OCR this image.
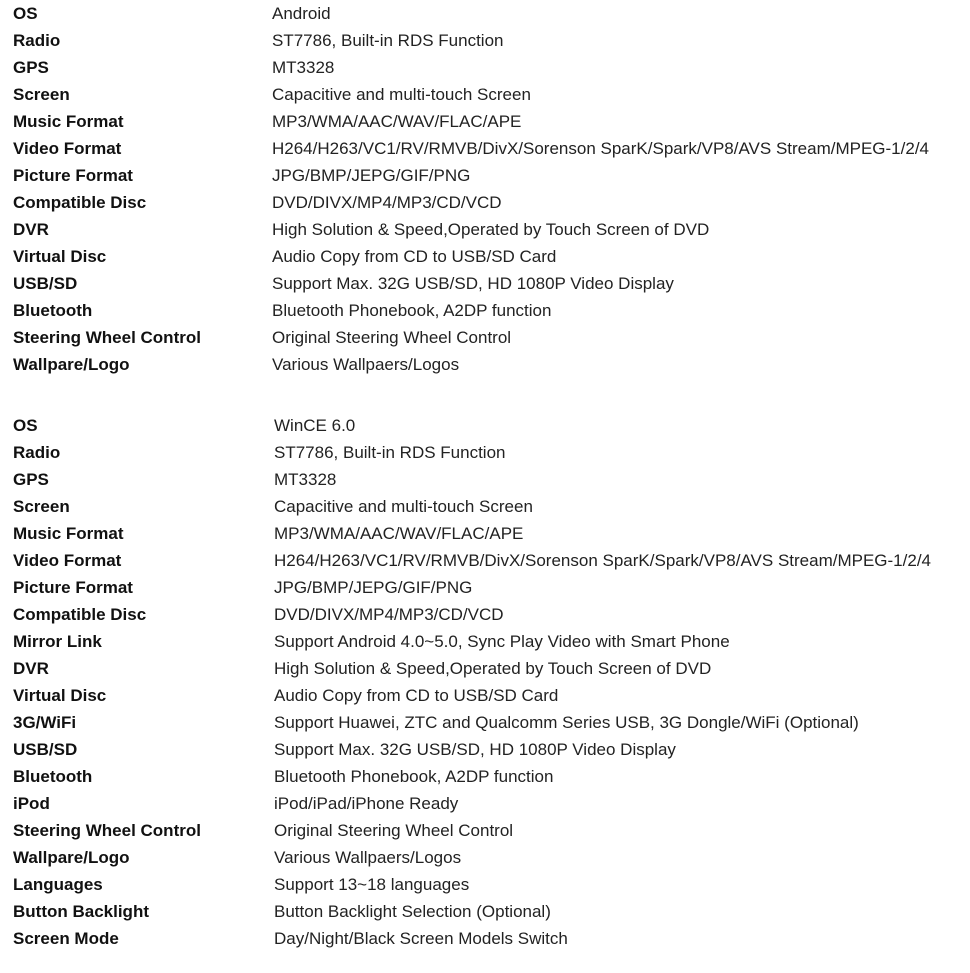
OS	Android
Radio	ST7786, Built-in RDS Function
GPS	MT3328
Screen	Capacitive and multi-touch Screen
Music Format	MP3/WMA/AAC/WAV/FLAC/APE
Video Format	H264/H263/VC1/RV/RMVB/DivX/Sorenson SparK/Spark/VP8/AVS Stream/MPEG-1/2/4
Picture Format	JPG/BMP/JEPG/GIF/PNG
Compatible Disc	DVD/DIVX/MP4/MP3/CD/VCD
DVR	High Solution & Speed,Operated by Touch Screen of DVD
Virtual Disc	Audio Copy from CD to USB/SD Card
USB/SD	Support Max. 32G USB/SD, HD 1080P Video Display
Bluetooth	Bluetooth Phonebook, A2DP function
Steering Wheel Control	Original Steering Wheel Control
Wallpare/Logo	Various Wallpaers/Logos
OS	WinCE 6.0
Radio	ST7786, Built-in RDS Function
GPS	MT3328
Screen	Capacitive and multi-touch Screen
Music Format	MP3/WMA/AAC/WAV/FLAC/APE
Video Format	H264/H263/VC1/RV/RMVB/DivX/Sorenson SparK/Spark/VP8/AVS Stream/MPEG-1/2/4
Picture Format	JPG/BMP/JEPG/GIF/PNG
Compatible Disc	DVD/DIVX/MP4/MP3/CD/VCD
Mirror Link	Support Android 4.0~5.0, Sync Play Video with Smart Phone
DVR	High Solution & Speed,Operated by Touch Screen of DVD
Virtual Disc	Audio Copy from CD to USB/SD Card
3G/WiFi	Support Huawei, ZTC and Qualcomm Series USB, 3G Dongle/WiFi (Optional)
USB/SD	Support Max. 32G USB/SD, HD 1080P Video Display
Bluetooth	Bluetooth Phonebook, A2DP function
iPod	iPod/iPad/iPhone Ready
Steering Wheel Control	Original Steering Wheel Control
Wallpare/Logo	Various Wallpaers/Logos
Languages	Support 13~18 languages
Button Backlight	Button Backlight Selection (Optional)
Screen Mode	Day/Night/Black Screen Models Switch
